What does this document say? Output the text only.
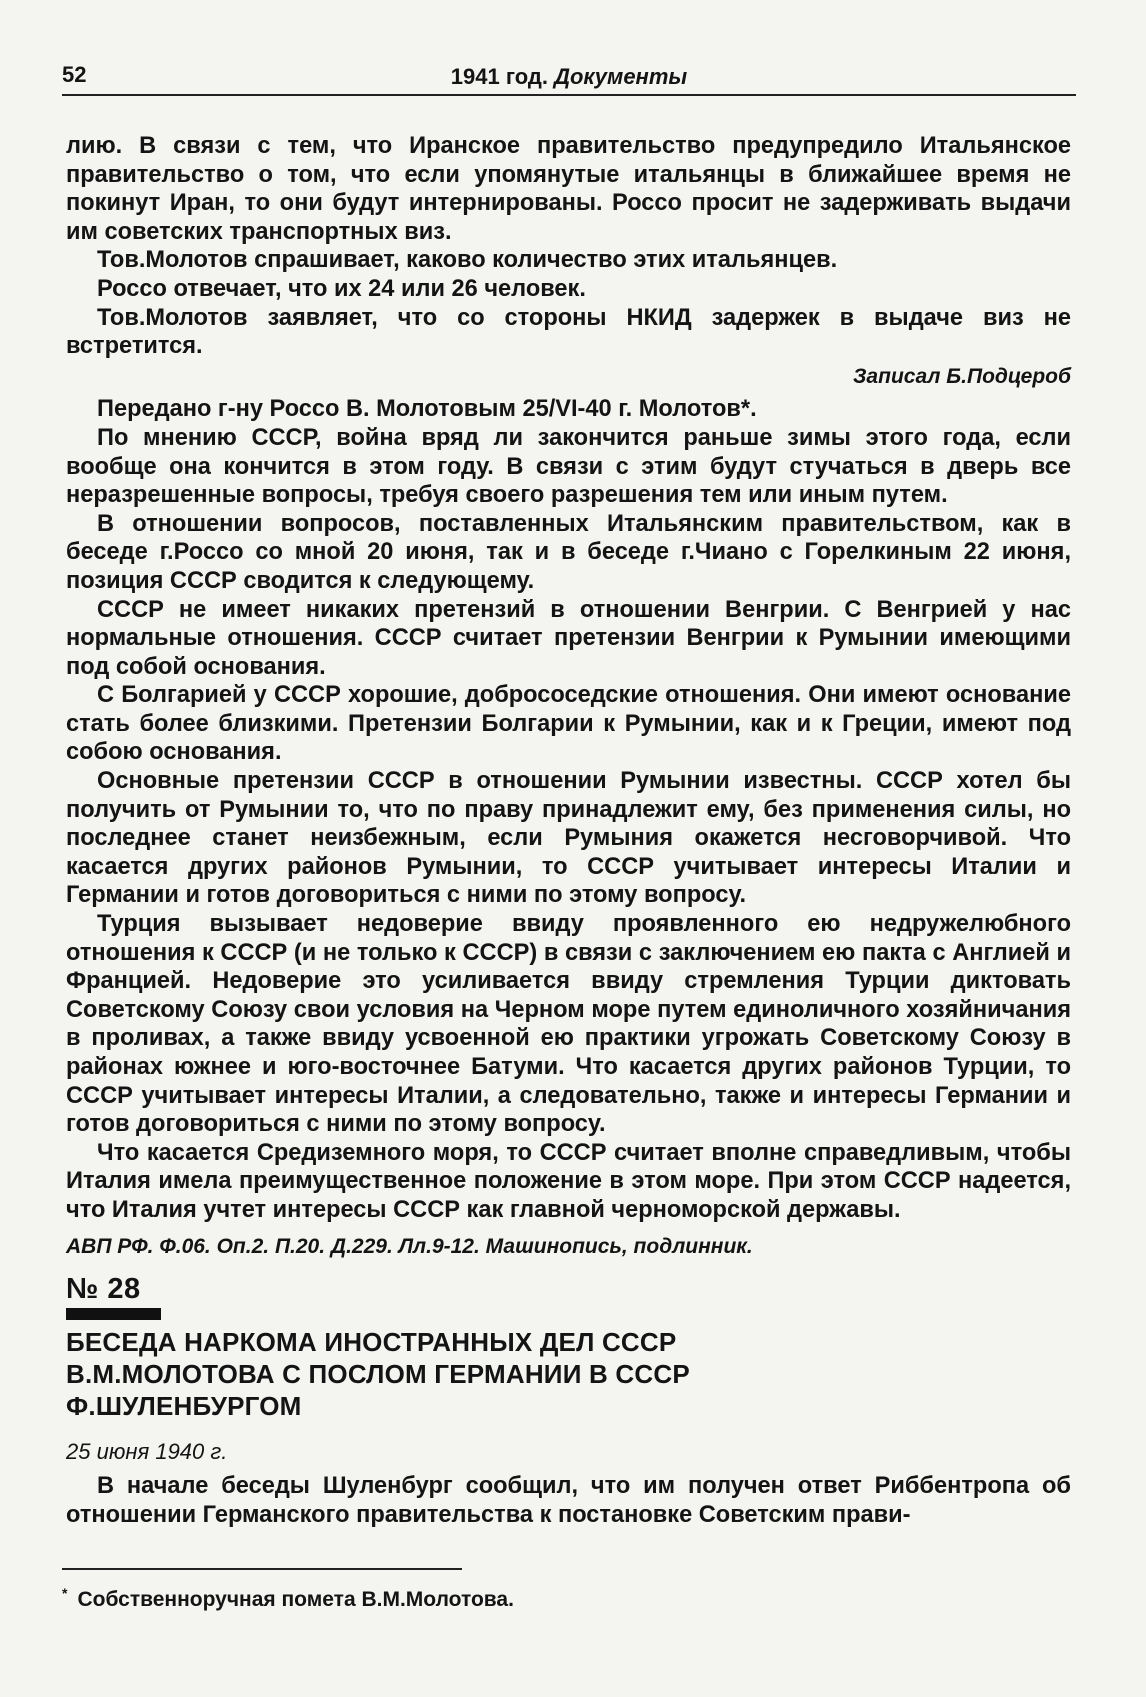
52	1941 год. Документы

лию. В связи с тем, что Иранское правительство предупредило Итальянское правительство о том, что если упомянутые итальянцы в ближайшее время не покинут Иран, то они будут интернированы. Россо просит не задерживать выдачи им советских транспортных виз.

Тов.Молотов спрашивает, каково количество этих итальянцев.

Россо отвечает, что их 24 или 26 человек.

Тов.Молотов заявляет, что со стороны НКИД задержек в выдаче виз не встретится.

Записал Б.Подцероб

Передано г-ну Россо В. Молотовым 25/VI-40 г. Молотов*.

По мнению СССР, война вряд ли закончится раньше зимы этого года, если вообще она кончится в этом году. В связи с этим будут стучаться в дверь все неразрешенные вопросы, требуя своего разрешения тем или иным путем.

В отношении вопросов, поставленных Итальянским правительством, как в беседе г.Россо со мной 20 июня, так и в беседе г.Чиано с Горелкиным 22 июня, позиция СССР сводится к следующему.

СССР не имеет никаких претензий в отношении Венгрии. С Венгрией у нас нормальные отношения. СССР считает претензии Венгрии к Румынии имеющими под собой основания.

С Болгарией у СССР хорошие, добрососедские отношения. Они имеют основание стать более близкими. Претензии Болгарии к Румынии, как и к Греции, имеют под собою основания.

Основные претензии СССР в отношении Румынии известны. СССР хотел бы получить от Румынии то, что по праву принадлежит ему, без применения силы, но последнее станет неизбежным, если Румыния окажется несговорчивой. Что касается других районов Румынии, то СССР учитывает интересы Италии и Германии и готов договориться с ними по этому вопросу.

Турция вызывает недоверие ввиду проявленного ею недружелюбного отношения к СССР (и не только к СССР) в связи с заключением ею пакта с Англией и Францией. Недоверие это усиливается ввиду стремления Турции диктовать Советскому Союзу свои условия на Черном море путем единоличного хозяйничания в проливах, а также ввиду усвоенной ею практики угрожать Советскому Союзу в районах южнее и юго-восточнее Батуми. Что касается других районов Турции, то СССР учитывает интересы Италии, а следовательно, также и интересы Германии и готов договориться с ними по этому вопросу.

Что касается Средиземного моря, то СССР считает вполне справедливым, чтобы Италия имела преимущественное положение в этом море. При этом СССР надеется, что Италия учтет интересы СССР как главной черноморской державы.

АВП РФ. Ф.06. Оп.2. П.20. Д.229. Лл.9-12. Машинопись, подлинник.

№ 28
БЕСЕДА НАРКОМА ИНОСТРАННЫХ ДЕЛ СССР
В.М.МОЛОТОВА С ПОСЛОМ ГЕРМАНИИ В СССР
Ф.ШУЛЕНБУРГОМ
25 июня 1940 г.

В начале беседы Шуленбург сообщил, что им получен ответ Риббентропа об отношении Германского правительства к постановке Советским прави-

* Собственноручная помета В.М.Молотова.
